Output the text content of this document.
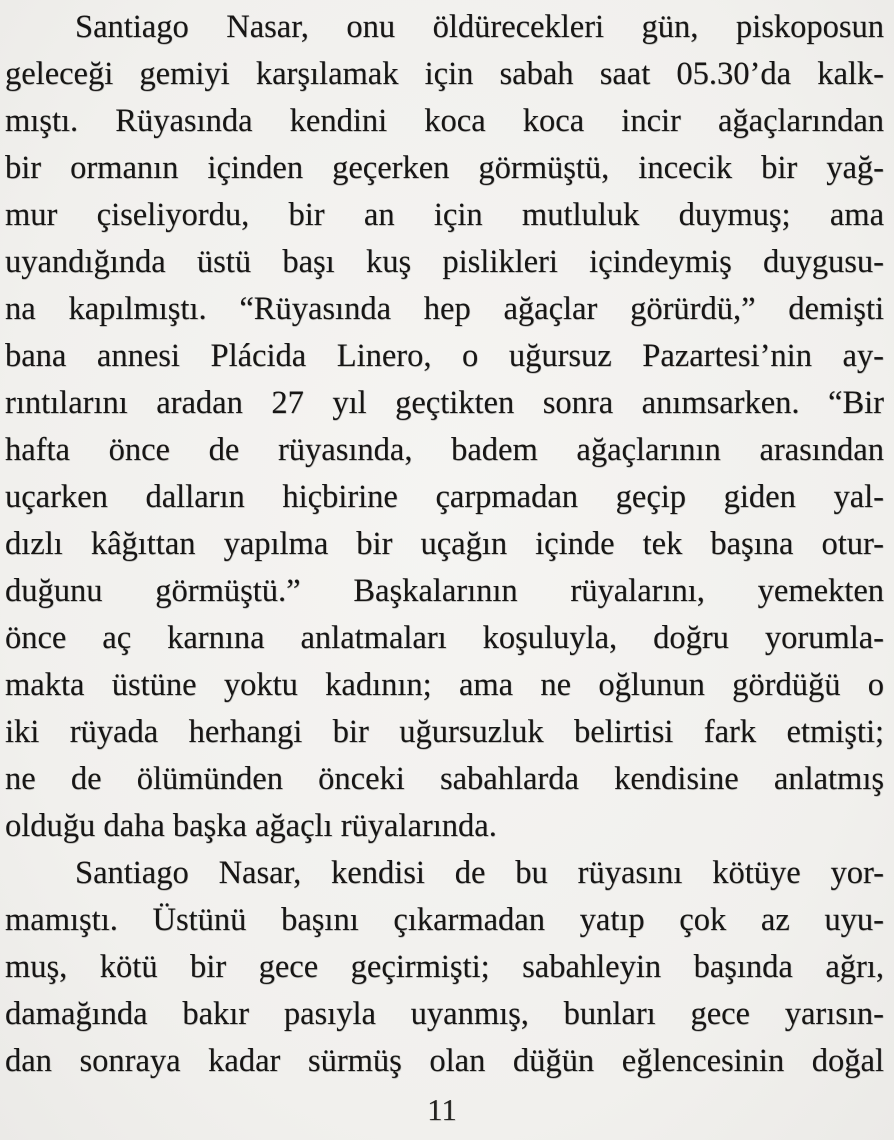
Santiago Nasar, onu öldürecekleri gün, piskoposun
geleceği gemiyi karşılamak için sabah saat 05.30’da kalk-
mıştı. Rüyasında kendini koca koca incir ağaçlarından
bir ormanın içinden geçerken görmüştü, incecik bir yağ-
mur çiseliyordu, bir an için mutluluk duymuş; ama
uyandığında üstü başı kuş pislikleri içindeymiş duygusu-
na kapılmıştı. “Rüyasında hep ağaçlar görürdü,” demişti
bana annesi Plácida Linero, o uğursuz Pazartesi’nin ay-
rıntılarını aradan 27 yıl geçtikten sonra anımsarken. “Bir
hafta önce de rüyasında, badem ağaçlarının arasından
uçarken dalların hiçbirine çarpmadan geçip giden yal-
dızlı kâğıttan yapılma bir uçağın içinde tek başına otur-
duğunu görmüştü.” Başkalarının rüyalarını, yemekten
önce aç karnına anlatmaları koşuluyla, doğru yorumla-
makta üstüne yoktu kadının; ama ne oğlunun gördüğü o
iki rüyada herhangi bir uğursuzluk belirtisi fark etmişti;
ne de ölümünden önceki sabahlarda kendisine anlatmış
olduğu daha başka ağaçlı rüyalarında.
Santiago Nasar, kendisi de bu rüyasını kötüye yor-
mamıştı. Üstünü başını çıkarmadan yatıp çok az uyu-
muş, kötü bir gece geçirmişti; sabahleyin başında ağrı,
damağında bakır pasıyla uyanmış, bunları gece yarısın-
dan sonraya kadar sürmüş olan düğün eğlencesinin doğal
11
